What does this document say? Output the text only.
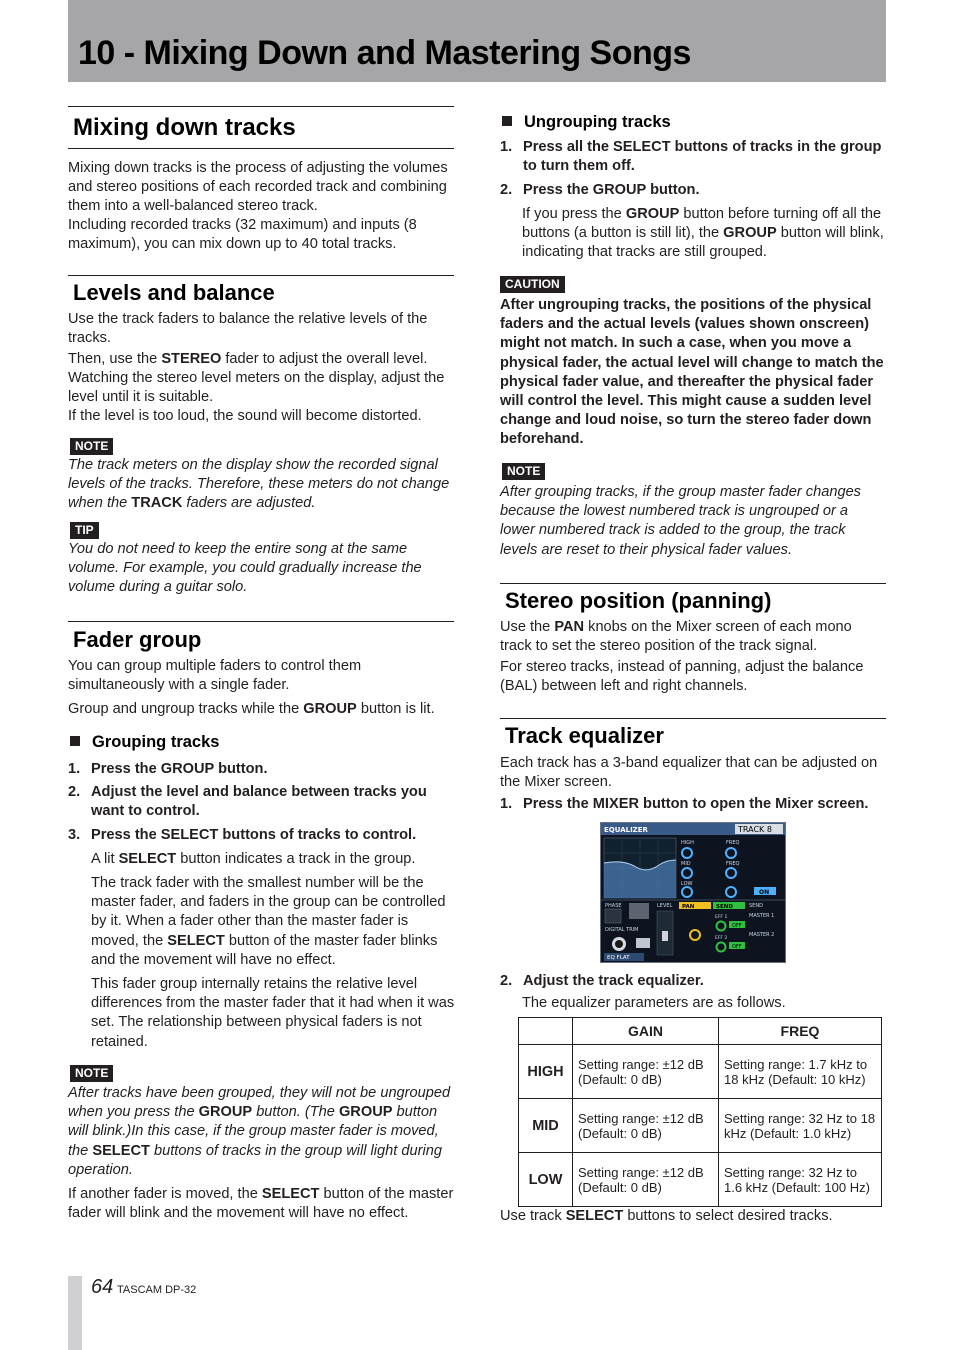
10 - Mixing Down and Mastering Songs
Mixing down tracks

Mixing down tracks is the process of adjusting the volumes and stereo positions of each recorded track and combining them into a well-balanced stereo track.

Including recorded tracks (32 maximum) and inputs (8 maximum), you can mix down up to 40 total tracks.

Levels and balance

Use the track faders to balance the relative levels of the tracks.

Then, use the STEREO fader to adjust the overall level. Watching the stereo level meters on the display, adjust the level until it is suitable.

If the level is too loud, the sound will become distorted.

NOTE

The track meters on the display show the recorded signal levels of the tracks. Therefore, these meters do not change when the TRACK faders are adjusted.

TIP

You do not need to keep the entire song at the same volume. For example, you could gradually increase the volume during a guitar solo.

Fader group

You can group multiple faders to control them simultaneously with a single fader.

Group and ungroup tracks while the GROUP button is lit.

Grouping tracks
1. Press the GROUP button.
2. Adjust the level and balance between tracks you want to control.
3. Press the SELECT buttons of tracks to control.

A lit SELECT button indicates a track in the group.

The track fader with the smallest number will be the master fader, and faders in the group can be controlled by it. When a fader other than the master fader is moved, the SELECT button of the master fader blinks and the movement will have no effect.

This fader group internally retains the relative level differences from the master fader that it had when it was set. The relationship between physical faders is not retained.

NOTE

After tracks have been grouped, they will not be ungrouped when you press the GROUP button. (The GROUP button will blink.)In this case, if the group master fader is moved, the SELECT buttons of tracks in the group will light during operation.

If another fader is moved, the SELECT button of the master fader will blink and the movement will have no effect.

Ungrouping tracks
1. Press all the SELECT buttons of tracks in the group to turn them off.
2. Press the GROUP button.

If you press the GROUP button before turning off all the buttons (a button is still lit), the GROUP button will blink, indicating that tracks are still grouped.

CAUTION

After ungrouping tracks, the positions of the physical faders and the actual levels (values shown onscreen) might not match. In such a case, when you move a physical fader, the actual level will change to match the physical fader value, and thereafter the physical fader will control the level. This might cause a sudden level change and loud noise, so turn the stereo fader down beforehand.

NOTE

After grouping tracks, if the group master fader changes because the lowest numbered track is ungrouped or a lower numbered track is added to the group, the track levels are reset to their physical fader values.

Stereo position (panning)

Use the PAN knobs on the Mixer screen of each mono track to set the stereo position of the track signal.

For stereo tracks, instead of panning, adjust the balance (BAL) between left and right channels.

Track equalizer

Each track has a 3-band equalizer that can be adjusted on the Mixer screen.

1. Press the MIXER button to open the Mixer screen.
2. Adjust the track equalizer.

The equalizer parameters are as follows.

	GAIN	FREQ
HIGH	Setting range: ±12 dB (Default: 0 dB)	Setting range: 1.7 kHz to 18 kHz (Default: 10 kHz)
MID	Setting range: ±12 dB (Default: 0 dB)	Setting range: 32 Hz to 18 kHz (Default: 1.0 kHz)
LOW	Setting range: ±12 dB (Default: 0 dB)	Setting range: 32 Hz to 1.6 kHz (Default: 100 Hz)

Use track SELECT buttons to select desired tracks.

EQUALIZER	TRACK 8
HIGH
MID
LOW
FREQ
FREQ
ON
PHASE	LEVEL
DIGITAL TRIM
SEND
MASTER 1
MASTER 2
PAN	SEND
EFF 1
EFF 2
OFF
OFF
EQ FLAT
64 TASCAM DP-32
